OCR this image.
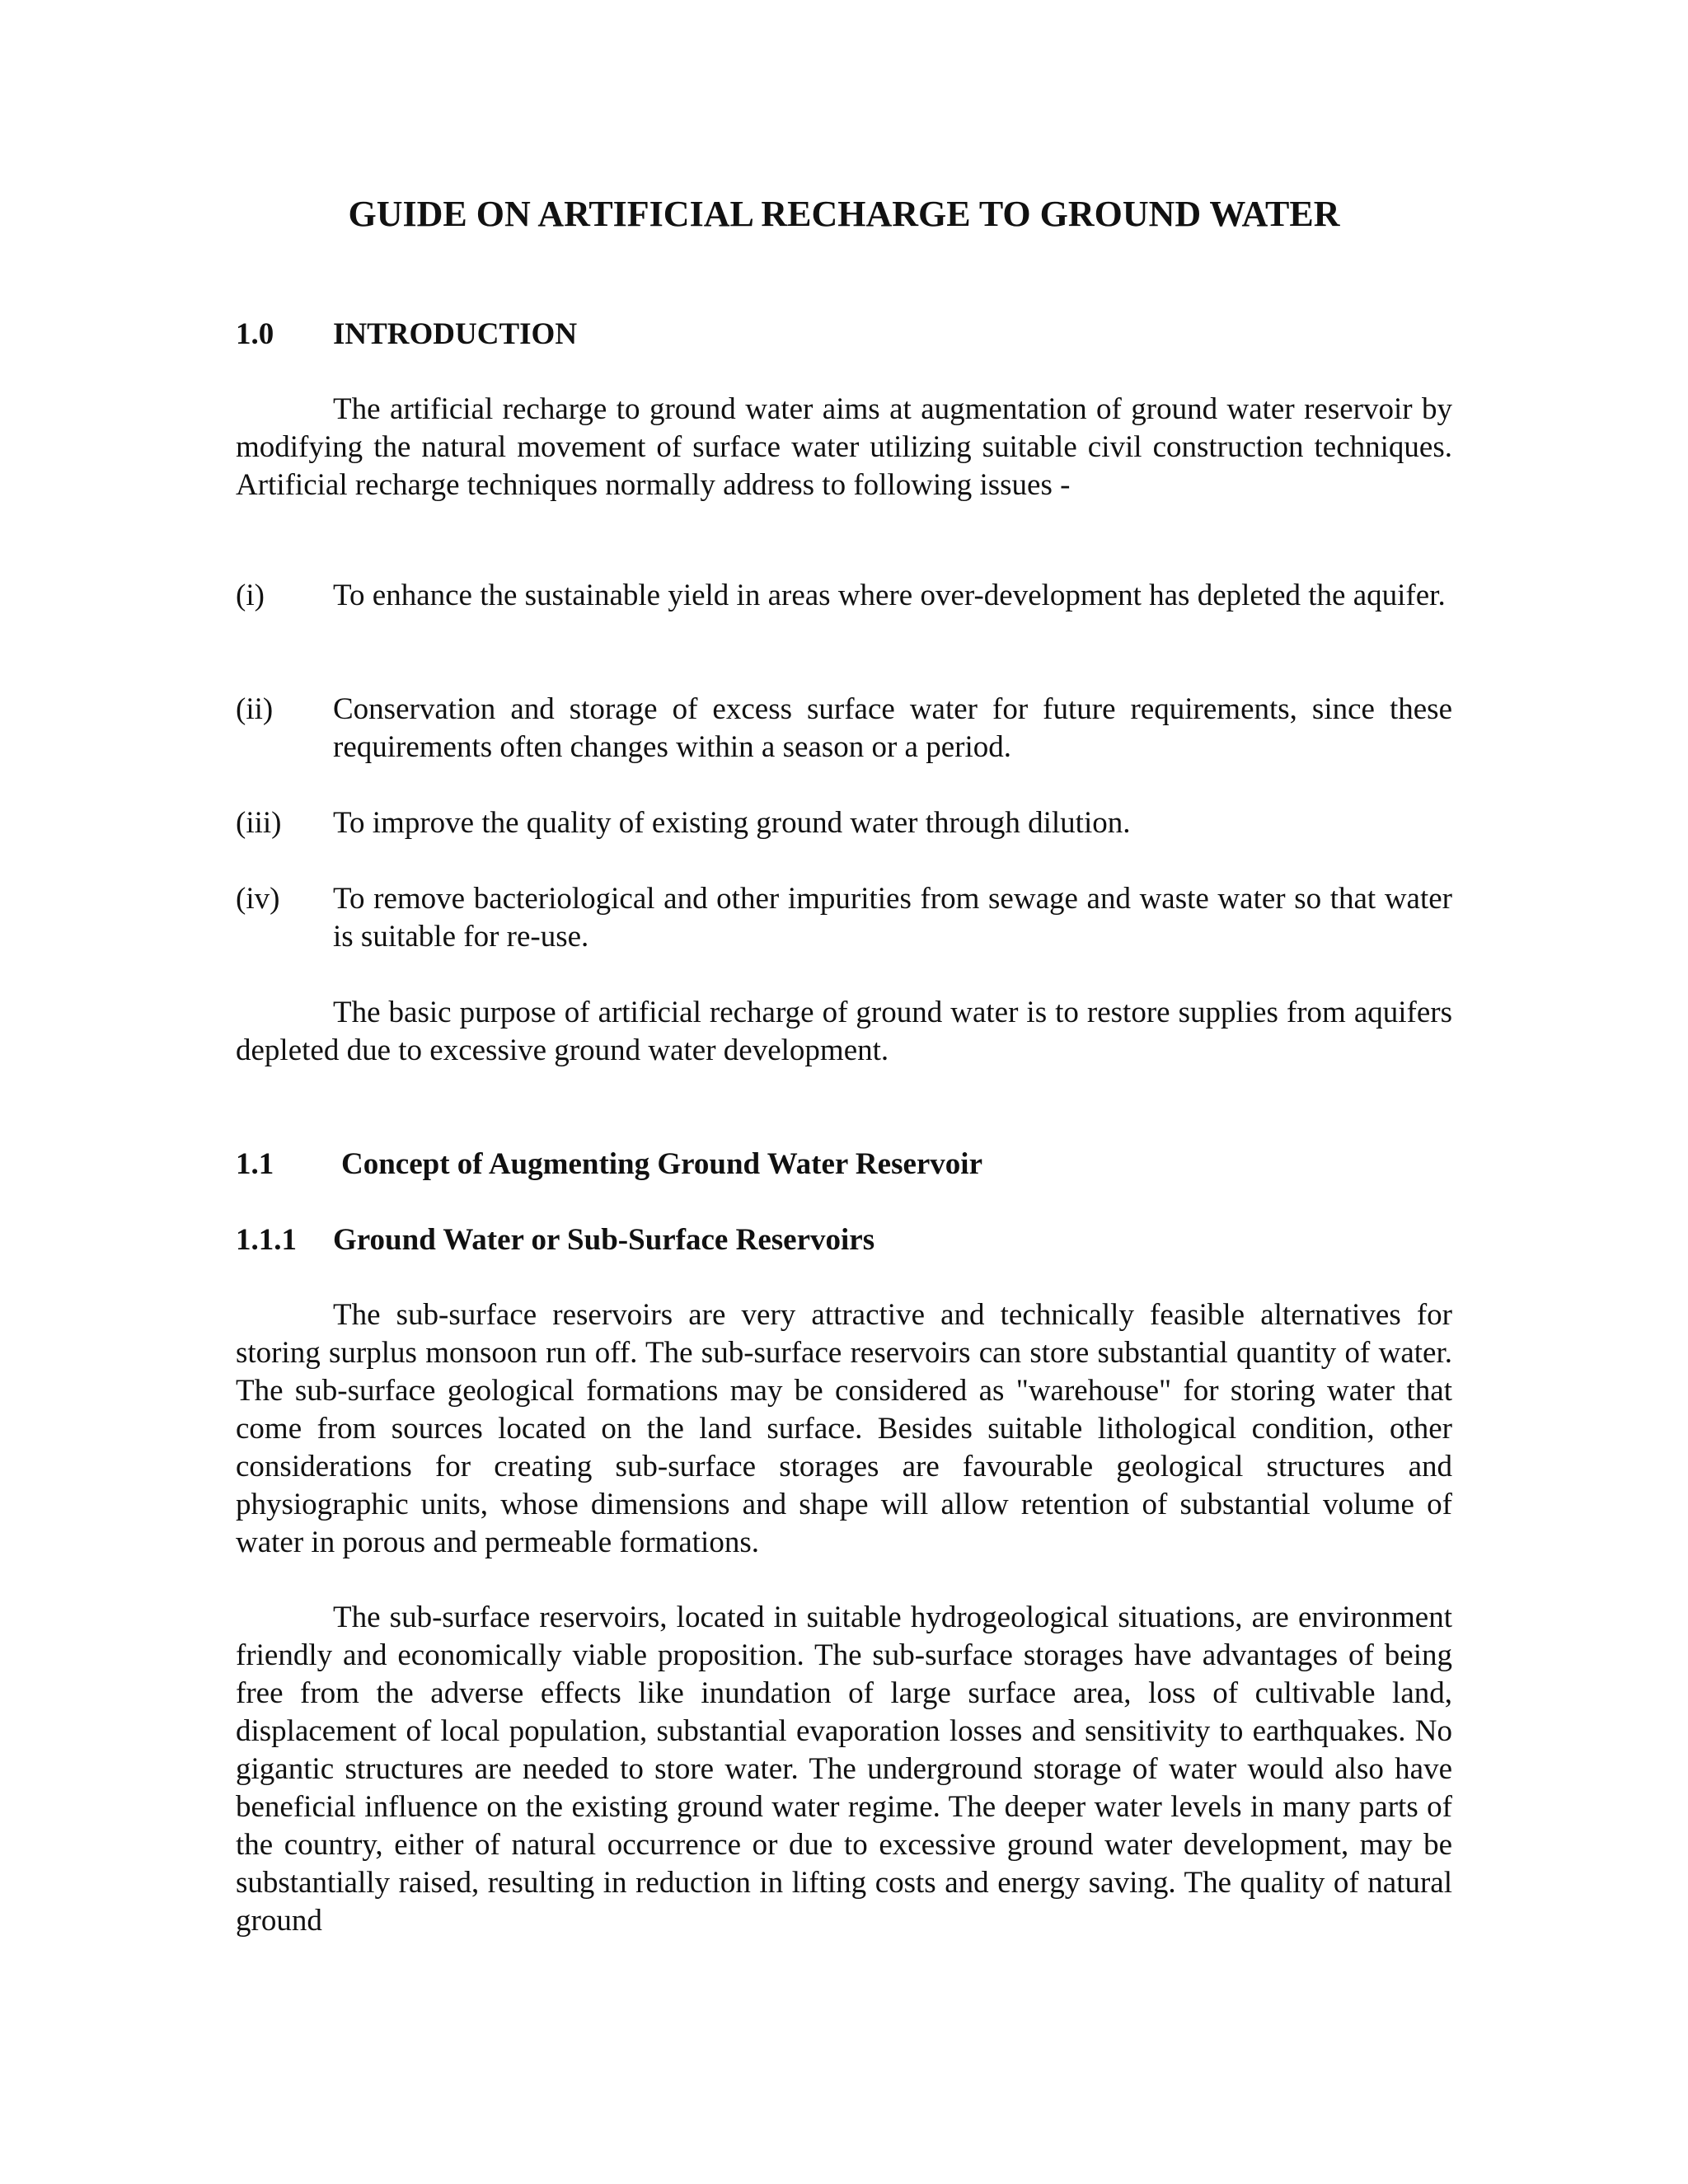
GUIDE ON ARTIFICIAL RECHARGE TO GROUND WATER
1.0 INTRODUCTION

The artificial recharge to ground water aims at augmentation of ground water reservoir by modifying the natural movement of surface water utilizing suitable civil construction techniques. Artificial recharge techniques normally address to following issues -

(i) To enhance the sustainable yield in areas where over-development has depleted the aquifer.
(ii) Conservation and storage of excess surface water for future requirements, since these requirements often changes within a season or a period.
(iii) To improve the quality of existing ground water through dilution.
(iv) To remove bacteriological and other impurities from sewage and waste water so that water is suitable for re-use.

The basic purpose of artificial recharge of ground water is to restore supplies from aquifers depleted due to excessive ground water development.

1.1 Concept of Augmenting Ground Water Reservoir
1.1.1 Ground Water or Sub-Surface Reservoirs

The sub-surface reservoirs are very attractive and technically feasible alternatives for storing surplus monsoon run off. The sub-surface reservoirs can store substantial quantity of water. The sub-surface geological formations may be considered as "warehouse" for storing water that come from sources located on the land surface. Besides suitable lithological condition, other considerations for creating sub-surface storages are favourable geological structures and physiographic units, whose dimensions and shape will allow retention of substantial volume of water in porous and permeable formations.

The sub-surface reservoirs, located in suitable hydrogeological situations, are environment friendly and economically viable proposition. The sub-surface storages have advantages of being free from the adverse effects like inundation of large surface area, loss of cultivable land, displacement of local population, substantial evaporation losses and sensitivity to earthquakes. No gigantic structures are needed to store water. The underground storage of water would also have beneficial influence on the existing ground water regime. The deeper water levels in many parts of the country, either of natural occurrence or due to excessive ground water development, may be substantially raised, resulting in reduction in lifting costs and energy saving. The quality of natural ground
